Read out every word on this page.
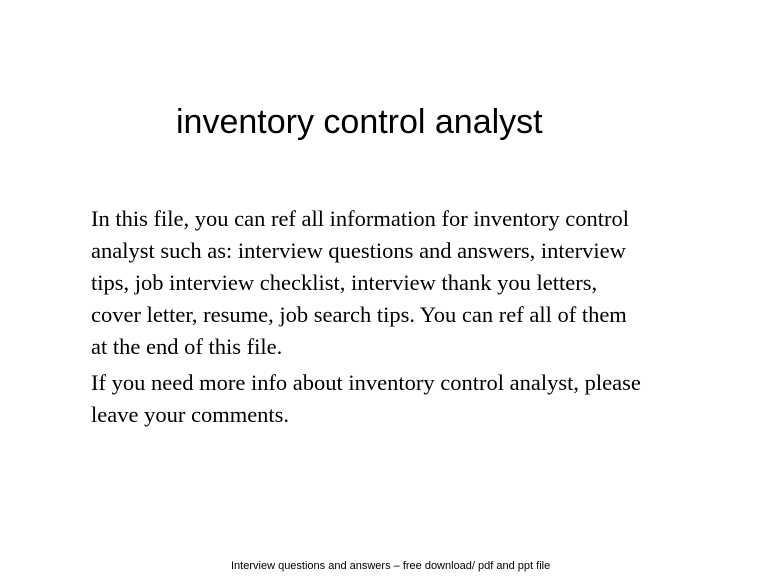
inventory control analyst

In this file, you can ref all information for inventory control
analyst such as: interview questions and answers, interview
tips, job interview checklist, interview thank you letters,
cover letter, resume, job search tips. You can ref all of them
at the end of this file.

If you need more info about inventory control analyst, please
leave your comments.

Interview questions and answers – free download/ pdf and ppt file
